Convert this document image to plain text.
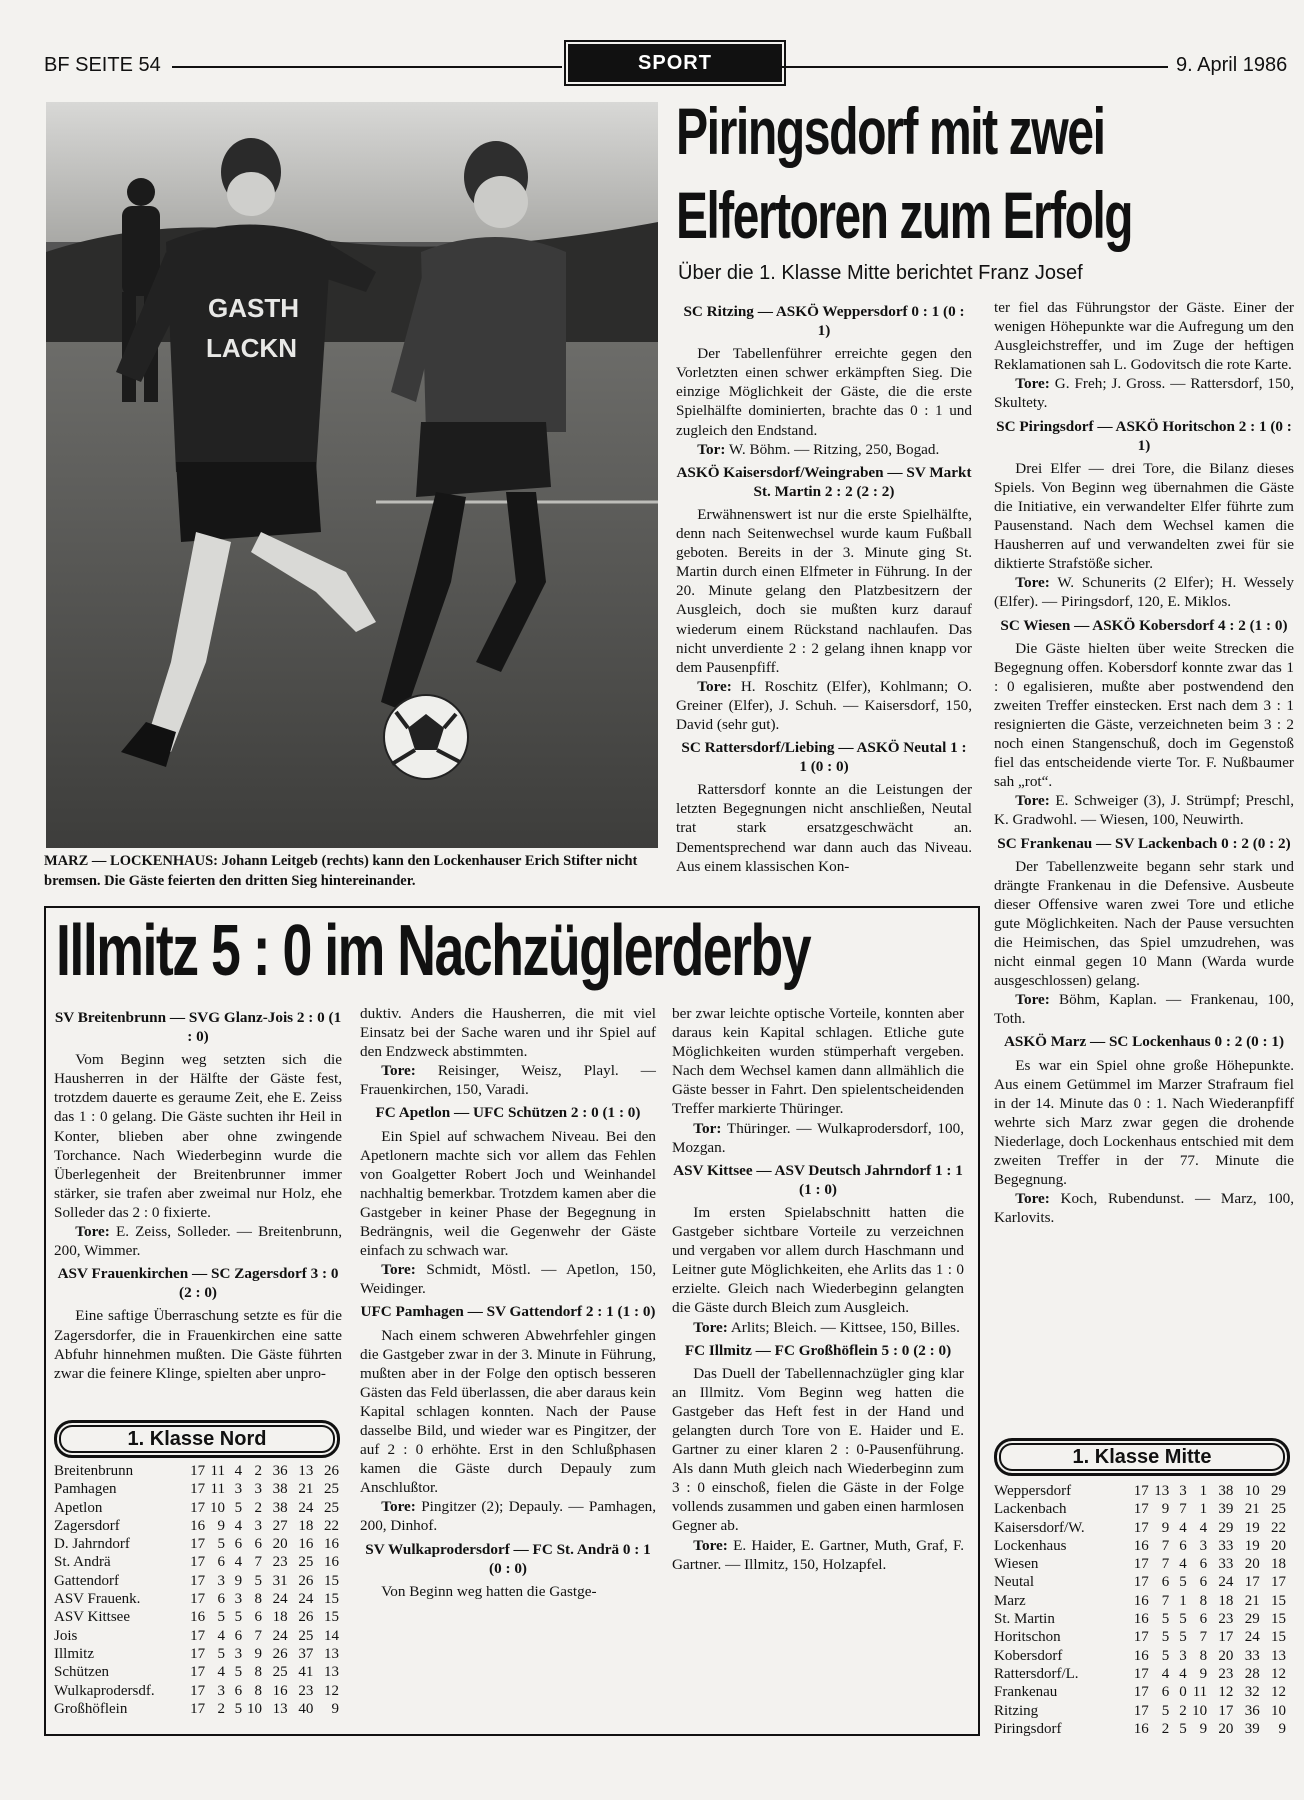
BF SEITE 54	SPORT	9. April 1986
GASTH
LACKN
MARZ — LOCKENHAUS: Johann Leitgeb (rechts) kann den Lockenhauser Erich Stifter nicht bremsen. Die Gäste feierten den dritten Sieg hintereinander.
Piringsdorf mit zwei
Elfertoren zum Erfolg
Über die 1. Klasse Mitte berichtet Franz Josef

SC Ritzing — ASKÖ Weppersdorf 0 : 1 (0 : 1)

Der Tabellenführer erreichte gegen den Vorletzten einen schwer erkämpften Sieg. Die einzige Möglichkeit der Gäste, die die erste Spielhälfte dominierten, brachte das 0 : 1 und zugleich den Endstand.

Tor: W. Böhm. — Ritzing, 250, Bogad.

ASKÖ Kaisersdorf/Weingraben — SV Markt St. Martin 2 : 2 (2 : 2)

Erwähnenswert ist nur die erste Spielhälfte, denn nach Seitenwechsel wurde kaum Fußball geboten. Bereits in der 3. Minute ging St. Martin durch einen Elfmeter in Führung. In der 20. Minute gelang den Platzbesitzern der Ausgleich, doch sie mußten kurz darauf wiederum einem Rückstand nachlaufen. Das nicht unverdiente 2 : 2 gelang ihnen knapp vor dem Pausenpfiff.

Tore: H. Roschitz (Elfer), Kohlmann; O. Greiner (Elfer), J. Schuh. — Kaisersdorf, 150, David (sehr gut).

SC Rattersdorf/Liebing — ASKÖ Neutal 1 : 1 (0 : 0)

Rattersdorf konnte an die Leistungen der letzten Begegnungen nicht anschließen, Neutal trat stark ersatzgeschwächt an. Dementsprechend war dann auch das Niveau. Aus einem klassischen Kon-

ter fiel das Führungstor der Gäste. Einer der wenigen Höhepunkte war die Aufregung um den Ausgleichstreffer, und im Zuge der heftigen Reklamationen sah L. Godovitsch die rote Karte.

Tore: G. Freh; J. Gross. — Rattersdorf, 150, Skultety.

SC Piringsdorf — ASKÖ Horitschon 2 : 1 (0 : 1)

Drei Elfer — drei Tore, die Bilanz dieses Spiels. Von Beginn weg übernahmen die Gäste die Initiative, ein verwandelter Elfer führte zum Pausenstand. Nach dem Wechsel kamen die Hausherren auf und verwandelten zwei für sie diktierte Strafstöße sicher.

Tore: W. Schunerits (2 Elfer); H. Wessely (Elfer). — Piringsdorf, 120, E. Miklos.

SC Wiesen — ASKÖ Kobersdorf 4 : 2 (1 : 0)

Die Gäste hielten über weite Strecken die Begegnung offen. Kobersdorf konnte zwar das 1 : 0 egalisieren, mußte aber postwendend den zweiten Treffer einstecken. Erst nach dem 3 : 1 resignierten die Gäste, verzeichneten beim 3 : 2 noch einen Stangenschuß, doch im Gegenstoß fiel das entscheidende vierte Tor. F. Nußbaumer sah „rot“.

Tore: E. Schweiger (3), J. Strümpf; Preschl, K. Gradwohl. — Wiesen, 100, Neuwirth.

SC Frankenau — SV Lackenbach 0 : 2 (0 : 2)

Der Tabellenzweite begann sehr stark und drängte Frankenau in die Defensive. Ausbeute dieser Offensive waren zwei Tore und etliche gute Möglichkeiten. Nach der Pause versuchten die Heimischen, das Spiel umzudrehen, was nicht einmal gegen 10 Mann (Warda wurde ausgeschlossen) gelang.

Tore: Böhm, Kaplan. — Frankenau, 100, Toth.

ASKÖ Marz — SC Lockenhaus 0 : 2 (0 : 1)

Es war ein Spiel ohne große Höhepunkte. Aus einem Getümmel im Marzer Strafraum fiel in der 14. Minute das 0 : 1. Nach Wiederanpfiff wehrte sich Marz zwar gegen die drohende Niederlage, doch Lockenhaus entschied mit dem zweiten Treffer in der 77. Minute die Begegnung.

Tore: Koch, Rubendunst. — Marz, 100, Karlovits.

Illmitz 5 : 0 im Nachzüglerderby

SV Breitenbrunn — SVG Glanz-Jois 2 : 0 (1 : 0)

Vom Beginn weg setzten sich die Hausherren in der Hälfte der Gäste fest, trotzdem dauerte es geraume Zeit, ehe E. Zeiss das 1 : 0 gelang. Die Gäste suchten ihr Heil in Konter, blieben aber ohne zwingende Torchance. Nach Wiederbeginn wurde die Überlegenheit der Breitenbrunner immer stärker, sie trafen aber zweimal nur Holz, ehe Solleder das 2 : 0 fixierte.

Tore: E. Zeiss, Solleder. — Breitenbrunn, 200, Wimmer.

ASV Frauenkirchen — SC Zagersdorf 3 : 0 (2 : 0)

Eine saftige Überraschung setzte es für die Zagersdorfer, die in Frauenkirchen eine satte Abfuhr hinnehmen mußten. Die Gäste führten zwar die feinere Klinge, spielten aber unpro-

duktiv. Anders die Hausherren, die mit viel Einsatz bei der Sache waren und ihr Spiel auf den Endzweck abstimmten.

Tore: Reisinger, Weisz, Playl. — Frauenkirchen, 150, Varadi.

FC Apetlon — UFC Schützen 2 : 0 (1 : 0)

Ein Spiel auf schwachem Niveau. Bei den Apetlonern machte sich vor allem das Fehlen von Goalgetter Robert Joch und Weinhandel nachhaltig bemerkbar. Trotzdem kamen aber die Gastgeber in keiner Phase der Begegnung in Bedrängnis, weil die Gegenwehr der Gäste einfach zu schwach war.

Tore: Schmidt, Möstl. — Apetlon, 150, Weidinger.

UFC Pamhagen — SV Gattendorf 2 : 1 (1 : 0)

Nach einem schweren Abwehrfehler gingen die Gastgeber zwar in der 3. Minute in Führung, mußten aber in der Folge den optisch besseren Gästen das Feld überlassen, die aber daraus kein Kapital schlagen konnten. Nach der Pause dasselbe Bild, und wieder war es Pingitzer, der auf 2 : 0 erhöhte. Erst in den Schlußphasen kamen die Gäste durch Depauly zum Anschlußtor.

Tore: Pingitzer (2); Depauly. — Pamhagen, 200, Dinhof.

SV Wulkaprodersdorf — FC St. Andrä 0 : 1 (0 : 0)

Von Beginn weg hatten die Gastge-

ber zwar leichte optische Vorteile, konnten aber daraus kein Kapital schlagen. Etliche gute Möglichkeiten wurden stümperhaft vergeben. Nach dem Wechsel kamen dann allmählich die Gäste besser in Fahrt. Den spielentscheidenden Treffer markierte Thüringer.

Tor: Thüringer. — Wulkaprodersdorf, 100, Mozgan.

ASV Kittsee — ASV Deutsch Jahrndorf 1 : 1 (1 : 0)

Im ersten Spielabschnitt hatten die Gastgeber sichtbare Vorteile zu verzeichnen und vergaben vor allem durch Haschmann und Leitner gute Möglichkeiten, ehe Arlits das 1 : 0 erzielte. Gleich nach Wiederbeginn gelangten die Gäste durch Bleich zum Ausgleich.

Tore: Arlits; Bleich. — Kittsee, 150, Billes.

FC Illmitz — FC Großhöflein 5 : 0 (2 : 0)

Das Duell der Tabellennachzügler ging klar an Illmitz. Vom Beginn weg hatten die Gastgeber das Heft fest in der Hand und gelangten durch Tore von E. Haider und E. Gartner zu einer klaren 2 : 0-Pausenführung. Als dann Muth gleich nach Wiederbeginn zum 3 : 0 einschoß, fielen die Gäste in der Folge vollends zusammen und gaben einen harmlosen Gegner ab.

Tore: E. Haider, E. Gartner, Muth, Graf, F. Gartner. — Illmitz, 150, Holzapfel.

1. Klasse Nord
Breitenbrunn	17	11	4	2	36	13	26
Pamhagen	17	11	3	3	38	21	25
Apetlon	17	10	5	2	38	24	25
Zagersdorf	16	9	4	3	27	18	22
D. Jahrndorf	17	5	6	6	20	16	16
St. Andrä	17	6	4	7	23	25	16
Gattendorf	17	3	9	5	31	26	15
ASV Frauenk.	17	6	3	8	24	24	15
ASV Kittsee	16	5	5	6	18	26	15
Jois	17	4	6	7	24	25	14
Illmitz	17	5	3	9	26	37	13
Schützen	17	4	5	8	25	41	13
Wulkaprodersdf.	17	3	6	8	16	23	12
Großhöflein	17	2	5	10	13	40	9
1. Klasse Mitte
Weppersdorf	17	13	3	1	38	10	29
Lackenbach	17	9	7	1	39	21	25
Kaisersdorf/W.	17	9	4	4	29	19	22
Lockenhaus	16	7	6	3	33	19	20
Wiesen	17	7	4	6	33	20	18
Neutal	17	6	5	6	24	17	17
Marz	16	7	1	8	18	21	15
St. Martin	16	5	5	6	23	29	15
Horitschon	17	5	5	7	17	24	15
Kobersdorf	16	5	3	8	20	33	13
Rattersdorf/L.	17	4	4	9	23	28	12
Frankenau	17	6	0	11	12	32	12
Ritzing	17	5	2	10	17	36	10
Piringsdorf	16	2	5	9	20	39	9
